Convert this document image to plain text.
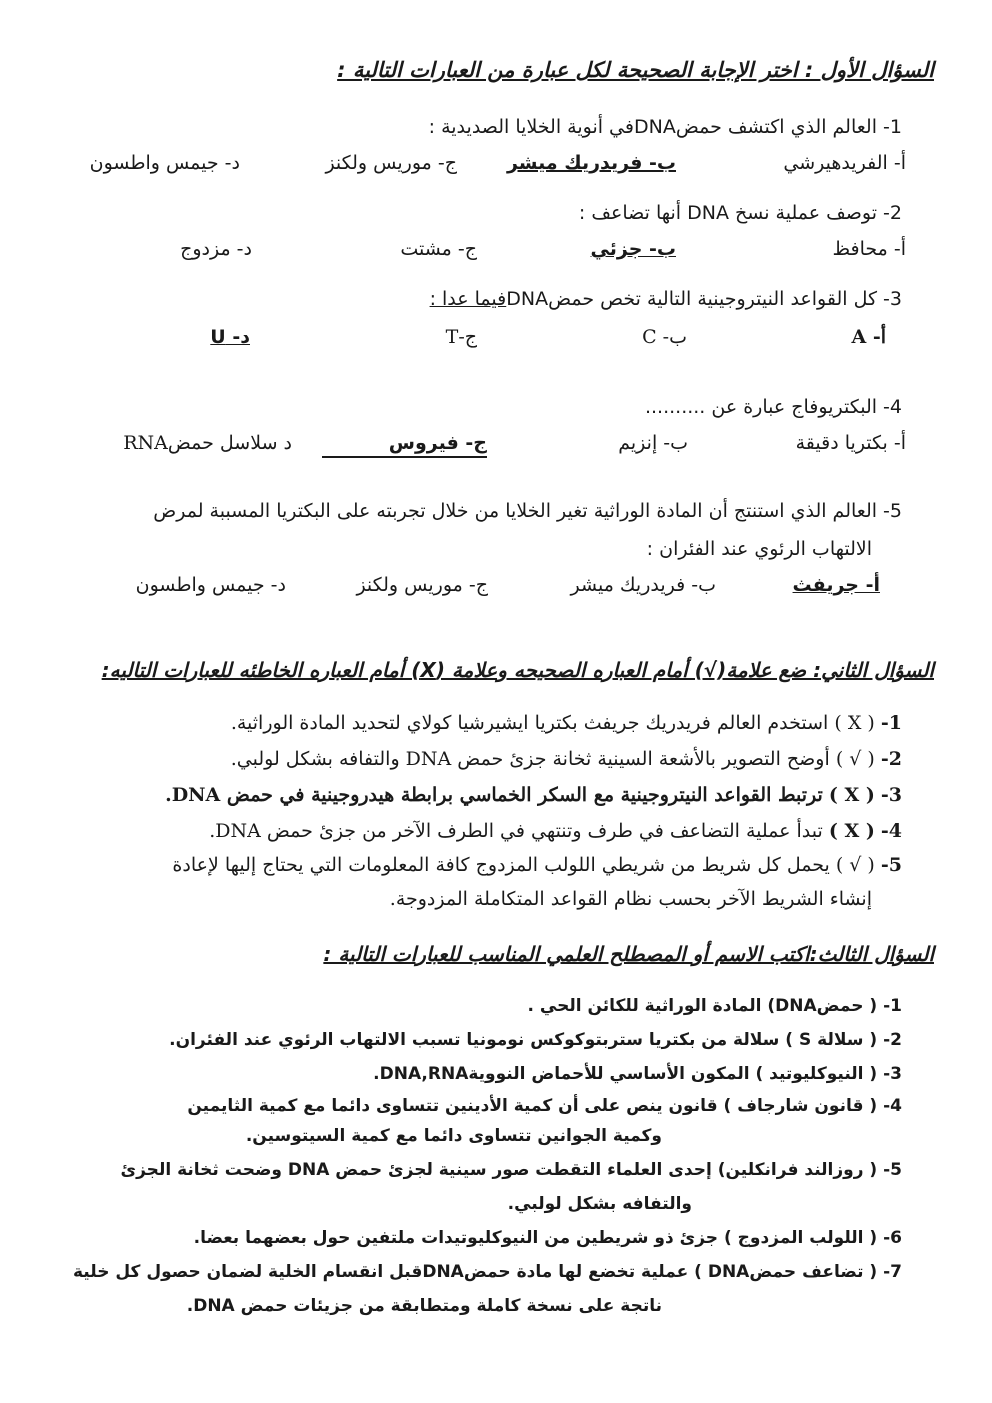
السؤال الأول : اختر الإجابة الصحيحة لكل عبارة من العبارات التالية :
1- العالم الذي اكتشف حمضDNAفي أنوية الخلايا الصديدية :
أ- الفريدهيرشي
ب- فريدريك ميشر
ج- موريس ولكنز
د- جيمس واطسون
2- توصف عملية نسخ DNA أنها تضاعف :
أ- محافظ
ب- جزئي
ج- مشتت
د- مزدوج
3- كل القواعد النيتروجينية التالية تخص حمضDNAفيما عدا :
أ- A
ب- C
ج-T
د- U
4- البكتريوفاج عبارة عن ..........
أ- بكتريا دقيقة
ب- إنزيم
ج- فيروس
د سلاسل حمضRNA
5- العالم الذي استنتج أن المادة الوراثية تغير الخلايا من خلال تجربته على البكتريا المسببة لمرض
الالتهاب الرئوي عند الفئران :
أ- جريفث
ب- فريدريك ميشر
ج- موريس ولكنز
د- جيمس واطسون
السؤال الثاني: ضع علامة(√) أمام العباره الصحيحه وعلامة (X) أمام العباره الخاطئه للعبارات التاليه:
1- ( X ) استخدم العالم فريدريك جريفث بكتريا ايشيرشيا كولاي لتحديد المادة الوراثية.
2- ( √ ) أوضح التصوير بالأشعة السينية ثخانة جزئ حمض DNA والتفافه بشكل لولبي.
3- ( X ) ترتبط القواعد النيتروجينية مع السكر الخماسي برابطة هيدروجينية في حمض DNA.
4- ( X ) تبدأ عملية التضاعف في طرف وتنتهي في الطرف الآخر من جزئ حمض DNA.
5- ( √ ) يحمل كل شريط من شريطي اللولب المزدوج كافة المعلومات التي يحتاج إليها لإعادة
إنشاء الشريط الآخر بحسب نظام القواعد المتكاملة المزدوجة.
السؤال الثالث:اكتب الاسم أو المصطلح العلمي المناسب للعبارات التالية :
1- ( حمضDNA) المادة الوراثية للكائن الحي .
2- ( سلالة S ) سلالة من بكتريا ستربتوكوكس نومونيا تسبب الالتهاب الرئوي عند الفئران.
3- ( النيوكليوتيد ) المكون الأساسي للأحماض النوويةDNA,RNA.
4- ( قانون شارجاف ) قانون ينص على أن كمية الأدينين تتساوى دائما مع كمية الثايمين
وكمية الجوانين تتساوى دائما مع كمية السيتوسين.
5- ( روزالند فرانكلين) إحدى العلماء التقطت صور سينية لجزئ حمض DNA وضحت ثخانة الجزئ
والتفافه بشكل لولبي.
6- ( اللولب المزدوج ) جزئ ذو شريطين من النيوكليوتيدات ملتفين حول بعضهما بعضا.
7- ( تضاعف حمضDNA ) عملية تخضع لها مادة حمضDNAقبل انقسام الخلية لضمان حصول كل خلية
ناتجة على نسخة كاملة ومتطابقة من جزيئات حمض DNA.
